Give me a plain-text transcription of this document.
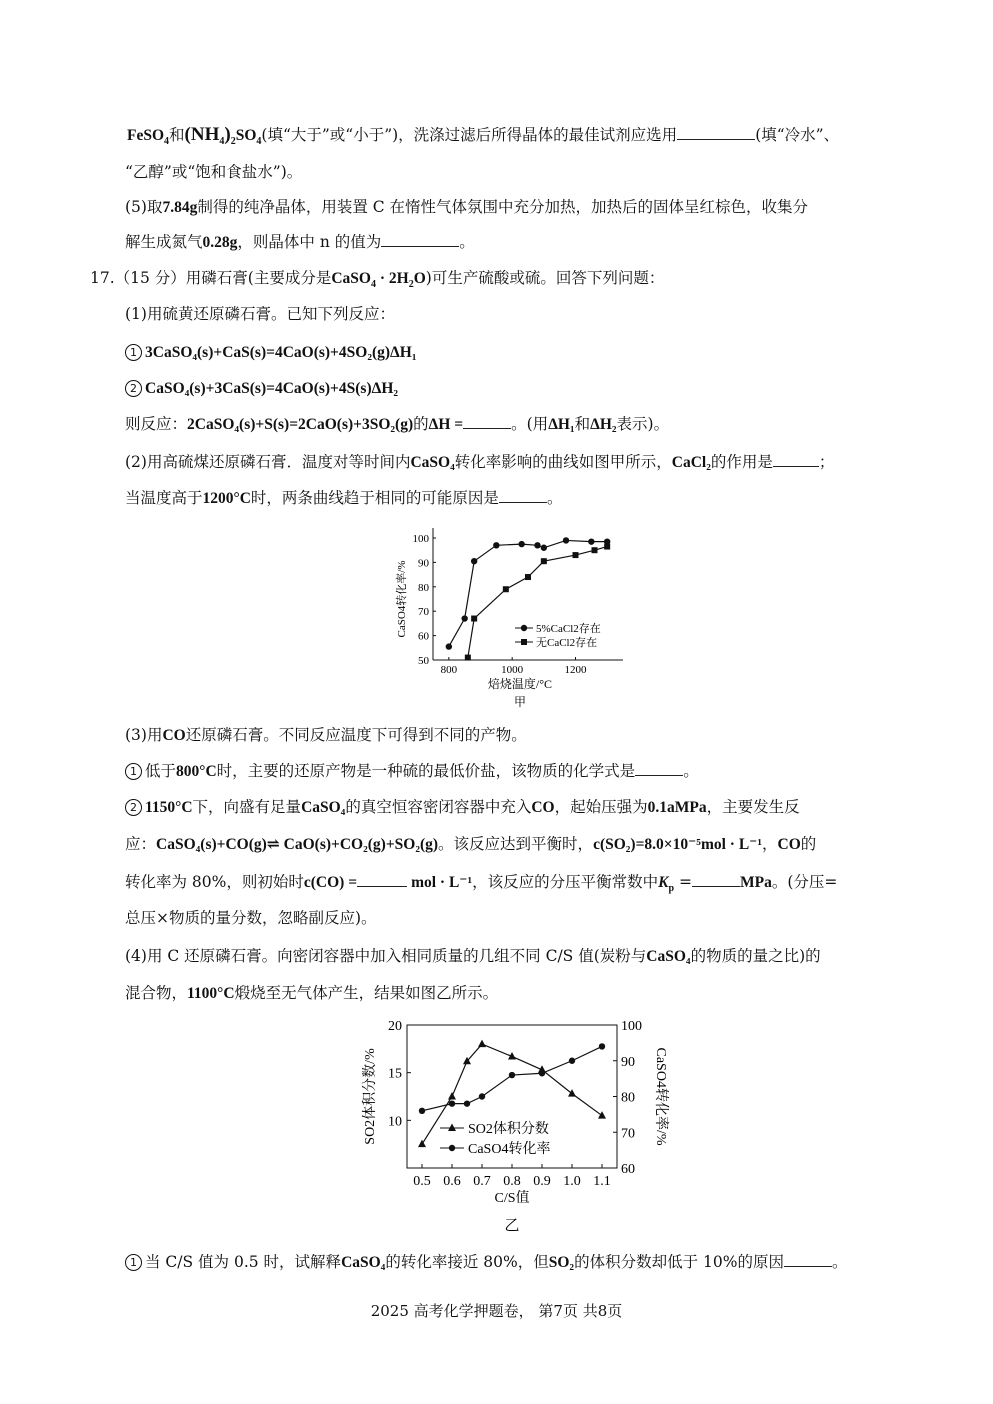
FeSO$_4$和$(NH_4)_2SO_4$(填“大于”或“小于”)，洗涤过滤后所得晶体的最佳试剂应选用	(填“冷水”、
“乙醇”或“饱和食盐水”)。
(5)取7.84g制得的纯净晶体，用装置 C 在惰性气体氛围中充分加热，加热后的固体呈红棕色，收集分
解生成氮气0.28g，则晶体中 n 的值为	。
17.（15 分）用磷石膏(主要成分是CaSO$_4$ · $2H_2O$)可生产硫酸或硫。回答下列问题：
(1)用硫黄还原磷石膏。已知下列反应：
1 3CaSO₄(s)+CaS(s)=4CaO(s)+4SO₂(g)ΔH₁
2 CaSO₄(s)+3CaS(s)=4CaO(s)+4S(s)ΔH₂
则反应：2CaSO₄(s)+S(s)=2CaO(s)+3SO₂(g)的ΔH =	。(用ΔH₁和ΔH₂表示)。
(2)用高硫煤还原磷石膏．温度对等时间内CaSO₄转化率影响的曲线如图甲所示，CaCl₂的作用是	；
当温度高于1200°C时，两条曲线趋于相同的可能原因是	。
50
60
70
80
90
100
800	1000	1200
焙烧温度/°C
甲
CaSO4转化率/%	5%CaCl2存在
无CaCl2存在
(3)用CO还原磷石膏。不同反应温度下可得到不同的产物。
1 低于800°C时，主要的还原产物是一种硫的最低价盐，该物质的化学式是	。
2 1150°C下，向盛有足量CaSO₄的真空恒容密闭容器中充入CO，起始压强为0.1aMPa，主要发生反
应：CaSO₄(s)+CO(g)⇌ CaO(s)+CO₂(g)+SO₂(g)。该反应达到平衡时，c(SO₂)=8.0×10⁻⁵mol · L⁻¹，CO的
转化率为 80%，则初始时c(CO) =	mol · L⁻¹，该反应的分压平衡常数中$K_p$ =	MPa。(分压=
总压×物质的量分数，忽略副反应)。
(4)用 C 还原磷石膏。向密闭容器中加入相同质量的几组不同 C/S 值(炭粉与CaSO₄的物质的量之比)的
混合物，1100°C煅烧至无气体产生，结果如图乙所示。
10
15
20
60
70
80
90
100
0.5 0.6 0.7 0.8 0.9 1.0 1.1
C/S值
乙
SO2体积分数/%	CaSO4转化率/%
SO2体积分数
CaSO4转化率
1 当 C/S 值为 0.5 时，试解释CaSO₄的转化率接近 80%，但SO₂的体积分数却低于 10%的原因	。
2025 高考化学押题卷， 第7页 共8页
